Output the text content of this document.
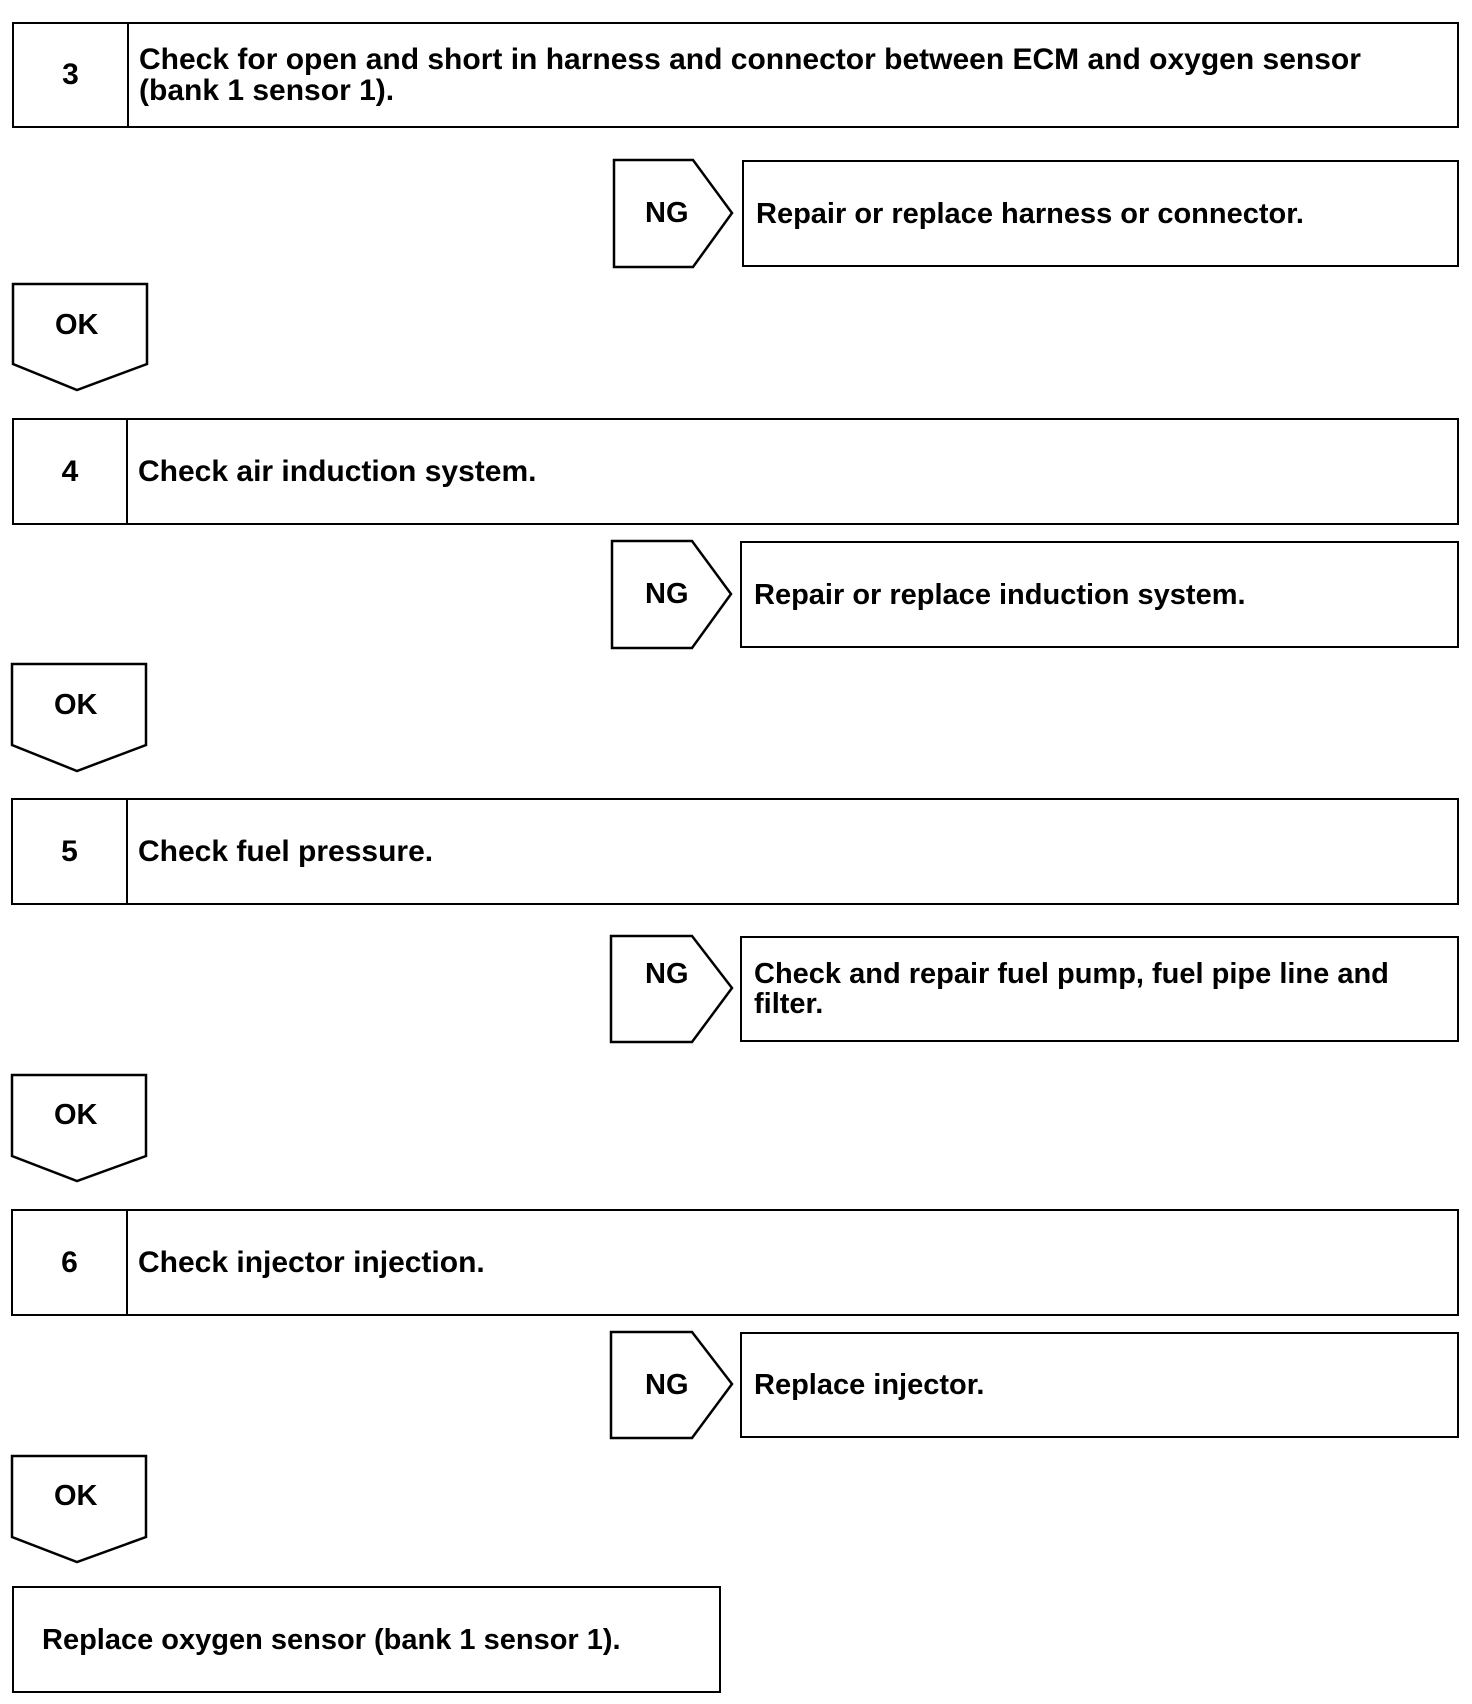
3	Check for open and short in harness and connector between ECM and oxygen sensor (bank 1 sensor 1).
NG Repair or replace harness or connector.
OK
4	Check air induction system.
NG Repair or replace induction system.
OK
5	Check fuel pressure.
NG Check and repair fuel pump, fuel pipe line and filter.
OK
6	Check injector injection.
NG Replace injector.
OK
Replace oxygen sensor (bank 1 sensor 1).
